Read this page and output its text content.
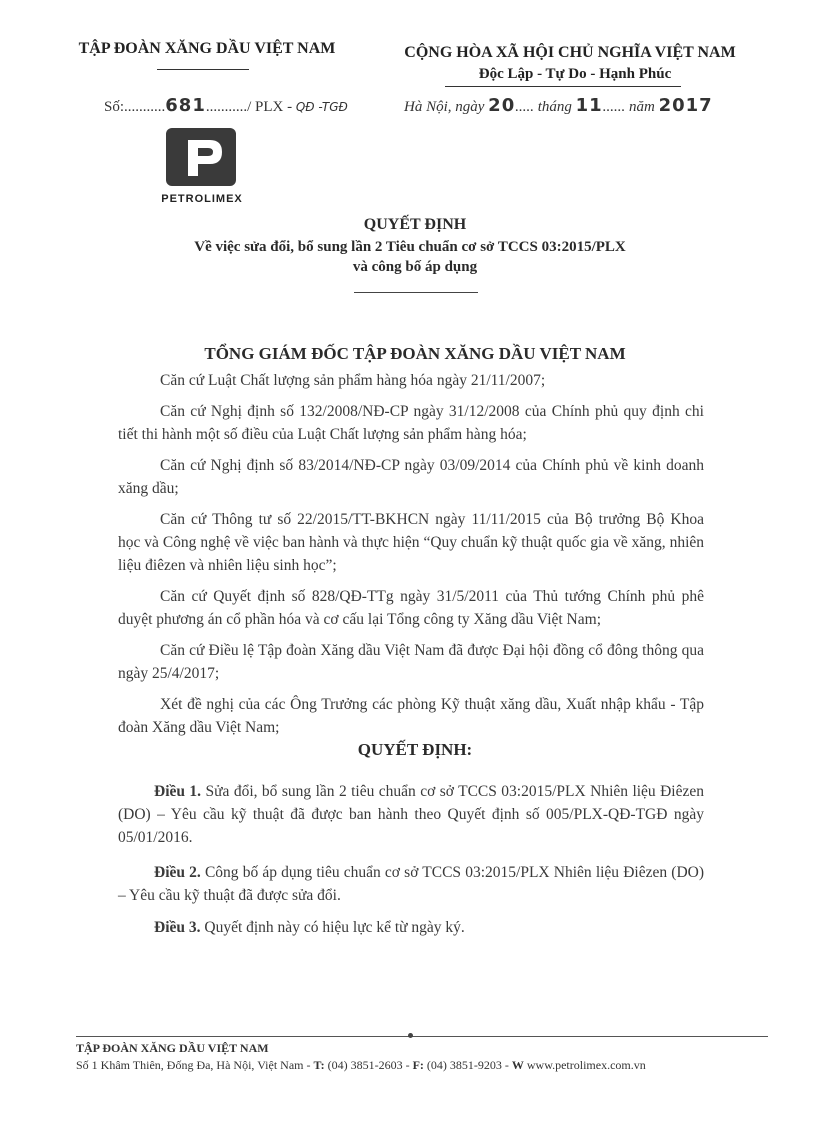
TẬP ĐOÀN XĂNG DẦU VIỆT NAM	CỘNG HÒA XÃ HỘI CHỦ NGHĨA VIỆT NAM
Độc Lập - Tự Do - Hạnh Phúc
Số:...........681.........../ PLX - QĐ -TGĐ	Hà Nội, ngày 20..... tháng 11...... năm 2017
PETROLIMEX
QUYẾT ĐỊNH
Về việc sửa đổi, bổ sung lần 2 Tiêu chuẩn cơ sở TCCS 03:2015/PLX
và công bố áp dụng
TỔNG GIÁM ĐỐC TẬP ĐOÀN XĂNG DẦU VIỆT NAM

Căn cứ Luật Chất lượng sản phẩm hàng hóa ngày 21/11/2007;

Căn cứ Nghị định số 132/2008/NĐ-CP ngày 31/12/2008 của Chính phủ quy định chi tiết thi hành một số điều của Luật Chất lượng sản phẩm hàng hóa;

Căn cứ Nghị định số 83/2014/NĐ-CP ngày 03/09/2014 của Chính phủ về kinh doanh xăng dầu;

Căn cứ Thông tư số 22/2015/TT-BKHCN ngày 11/11/2015 của Bộ trưởng Bộ Khoa học và Công nghệ về việc ban hành và thực hiện “Quy chuẩn kỹ thuật quốc gia về xăng, nhiên liệu điêzen và nhiên liệu sinh học”;

Căn cứ Quyết định số 828/QĐ-TTg ngày 31/5/2011 của Thủ tướng Chính phủ phê duyệt phương án cổ phần hóa và cơ cấu lại Tổng công ty Xăng dầu Việt Nam;

Căn cứ Điều lệ Tập đoàn Xăng dầu Việt Nam đã được Đại hội đồng cổ đông thông qua ngày 25/4/2017;

Xét đề nghị của các Ông Trưởng các phòng Kỹ thuật xăng dầu, Xuất nhập khẩu - Tập đoàn Xăng dầu Việt Nam;

QUYẾT ĐỊNH:

Điều 1. Sửa đổi, bổ sung lần 2 tiêu chuẩn cơ sở TCCS 03:2015/PLX Nhiên liệu Điêzen (DO) – Yêu cầu kỹ thuật đã được ban hành theo Quyết định số 005/PLX-QĐ-TGĐ ngày 05/01/2016.

Điều 2. Công bố áp dụng tiêu chuẩn cơ sở TCCS 03:2015/PLX Nhiên liệu Điêzen (DO) – Yêu cầu kỹ thuật đã được sửa đổi.

Điều 3. Quyết định này có hiệu lực kể từ ngày ký.

TẬP ĐOÀN XĂNG DẦU VIỆT NAM
Số 1 Khâm Thiên, Đống Đa, Hà Nội, Việt Nam - T: (04) 3851-2603 - F: (04) 3851-9203 - W www.petrolimex.com.vn
